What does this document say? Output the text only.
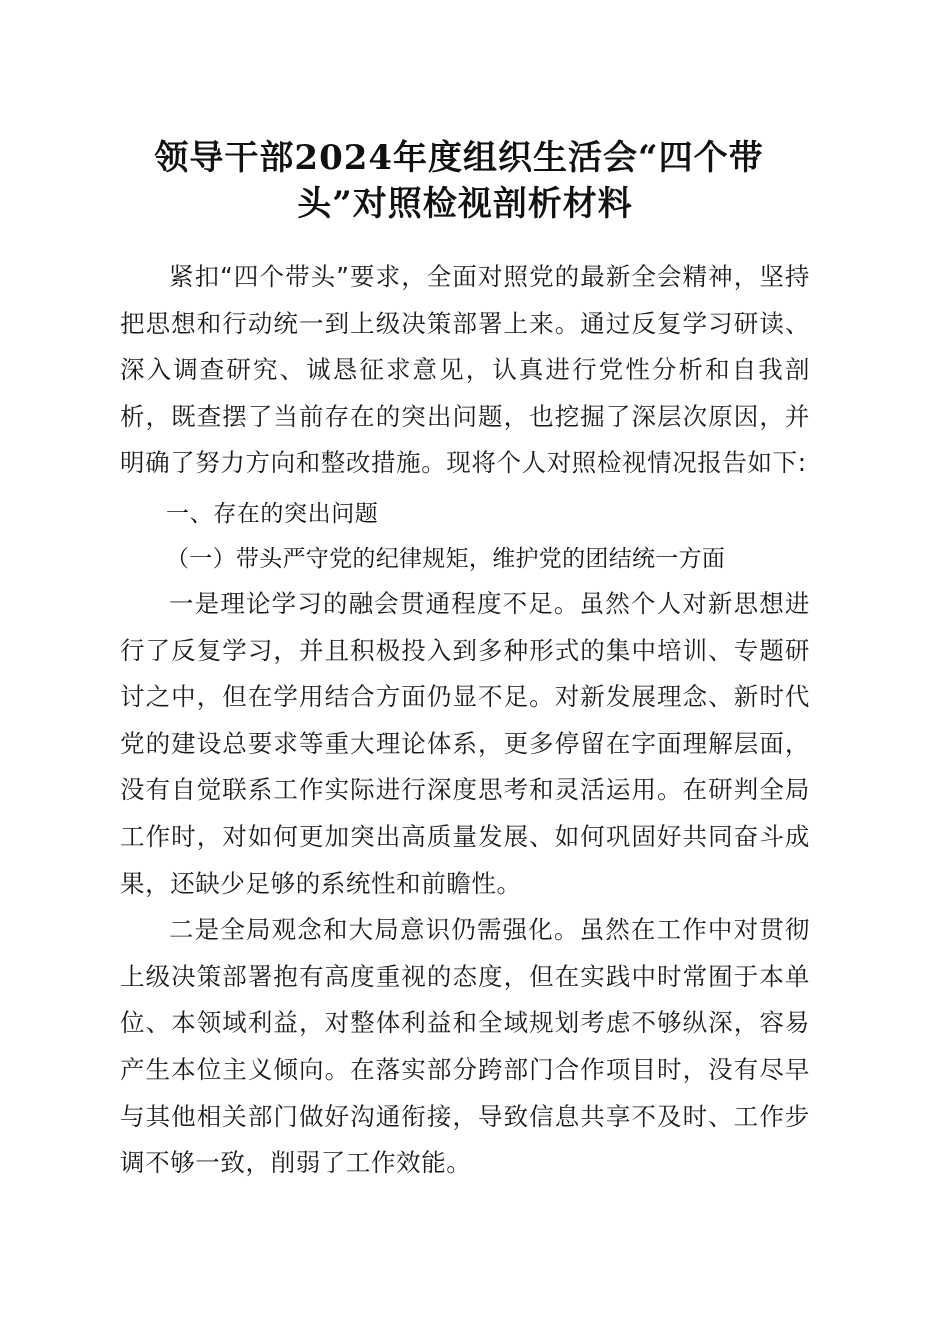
领导干部2024年度组织生活会“四个带
头”对照检视剖析材料

紧扣“四个带头”要求，全面对照党的最新全会精神，坚持把思想和行动统一到上级决策部署上来。通过反复学习研读、深入调查研究、诚恳征求意见，认真进行党性分析和自我剖析，既查摆了当前存在的突出问题，也挖掘了深层次原因，并明确了努力方向和整改措施。现将个人对照检视情况报告如下:

一、存在的突出问题

（一）带头严守党的纪律规矩，维护党的团结统一方面

一是理论学习的融会贯通程度不足。虽然个人对新思想进行了反复学习，并且积极投入到多种形式的集中培训、专题研讨之中，但在学用结合方面仍显不足。对新发展理念、新时代党的建设总要求等重大理论体系，更多停留在字面理解层面，没有自觉联系工作实际进行深度思考和灵活运用。在研判全局工作时，对如何更加突出高质量发展、如何巩固好共同奋斗成果，还缺少足够的系统性和前瞻性。

二是全局观念和大局意识仍需强化。虽然在工作中对贯彻上级决策部署抱有高度重视的态度，但在实践中时常囿于本单位、本领域利益，对整体利益和全域规划考虑不够纵深，容易产生本位主义倾向。在落实部分跨部门合作项目时，没有尽早与其他相关部门做好沟通衔接，导致信息共享不及时、工作步调不够一致，削弱了工作效能。
